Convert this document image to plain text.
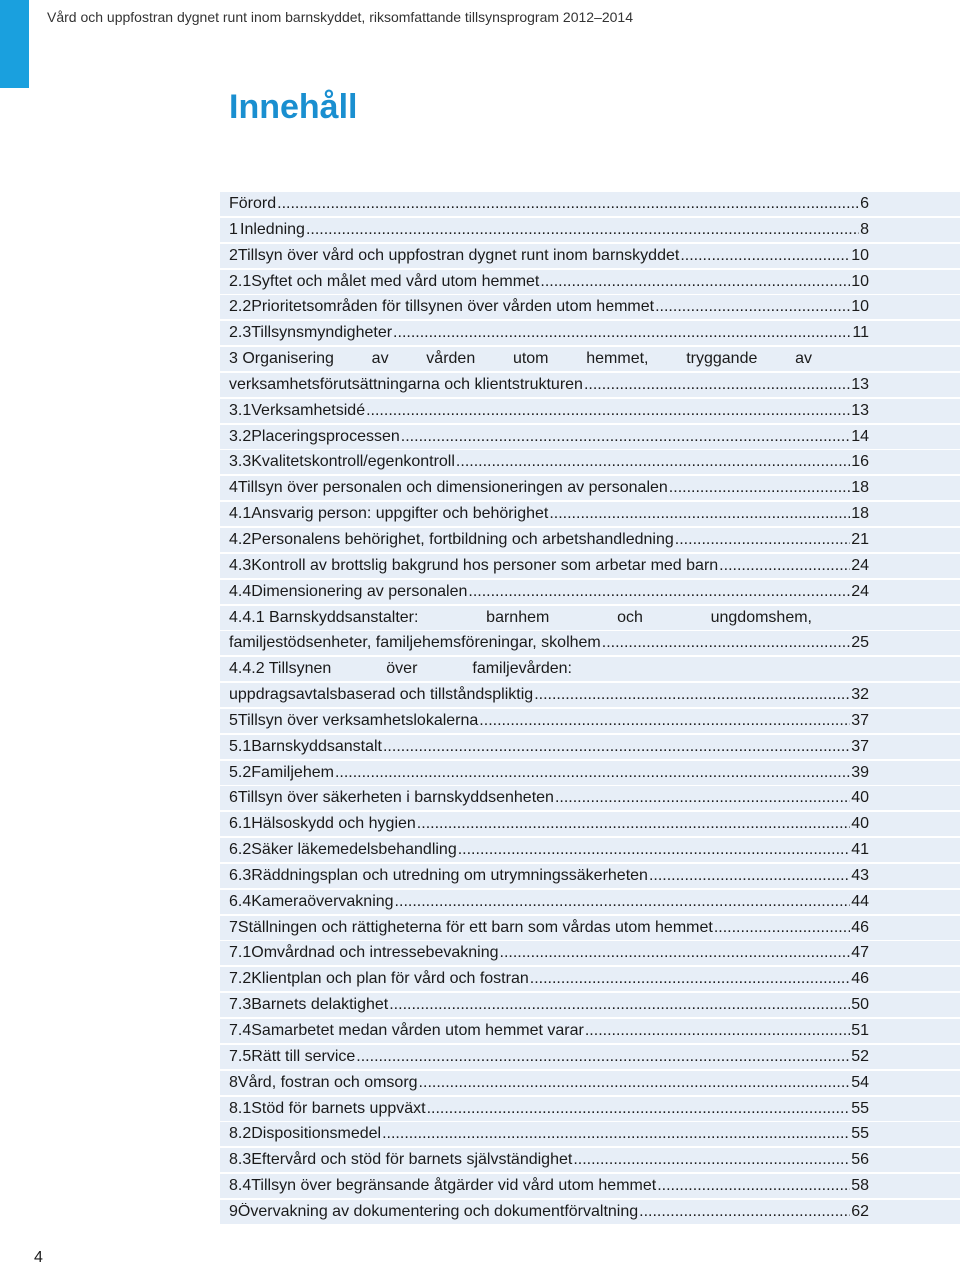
Vård och uppfostran dygnet runt inom barnskyddet, riksomfattande tillsynsprogram 2012–2014
Innehåll
Förord .....	6
1 Inledning .....	8
2 Tillsyn över vård och uppfostran dygnet runt inom barnskyddet .....	10
2.1 Syftet och målet med vård utom hemmet .....	10
2.2 Prioritetsområden för tillsynen över vården utom hemmet .....	10
2.3 Tillsynsmyndigheter .....	11
3 Organisering av vården utom hemmet, tryggande av
verksamhetsförutsättningarna och klientstrukturen .....	13
3.1 Verksamhetsidé .....	13
3.2 Placeringsprocessen .....	14
3.3 Kvalitetskontroll/egenkontroll .....	16
4 Tillsyn över personalen och dimensioneringen av personalen .....	18
4.1 Ansvarig person: uppgifter och behörighet .....	18
4.2 Personalens behörighet, fortbildning och arbetshandledning .....	21
4.3 Kontroll av brottslig bakgrund hos personer som arbetar med barn .....	24
4.4 Dimensionering av personalen .....	24
4.4.1 Barnskyddsanstalter:	barnhem	och	ungdomshem,
familjestödsenheter, familjehemsföreningar, skolhem .....	25
4.4.2 Tillsynen	över	familjevården:
uppdragsavtalsbaserad och tillståndspliktig .....	32
5 Tillsyn över verksamhetslokalerna .....	37
5.1 Barnskyddsanstalt .....	37
5.2 Familjehem .....	39
6 Tillsyn över säkerheten i barnskyddsenheten .....	40
6.1 Hälsoskydd och hygien .....	40
6.2 Säker läkemedelsbehandling .....	41
6.3 Räddningsplan och utredning om utrymningssäkerheten .....	43
6.4 Kameraövervakning .....	44
7 Ställningen och rättigheterna för ett barn som vårdas utom hemmet .....	46
7.1 Omvårdnad och intressebevakning .....	47
7.2 Klientplan och plan för vård och fostran .....	46
7.3 Barnets delaktighet .....	50
7.4 Samarbetet medan vården utom hemmet varar .....	51
7.5 Rätt till service .....	52
8 Vård, fostran och omsorg .....	54
8.1 Stöd för barnets uppväxt .....	55
8.2 Dispositionsmedel .....	55
8.3 Eftervård och stöd för barnets självständighet .....	56
8.4 Tillsyn över begränsande åtgärder vid vård utom hemmet .....	58
9 Övervakning av dokumentering och dokumentförvaltning .....	62
4
